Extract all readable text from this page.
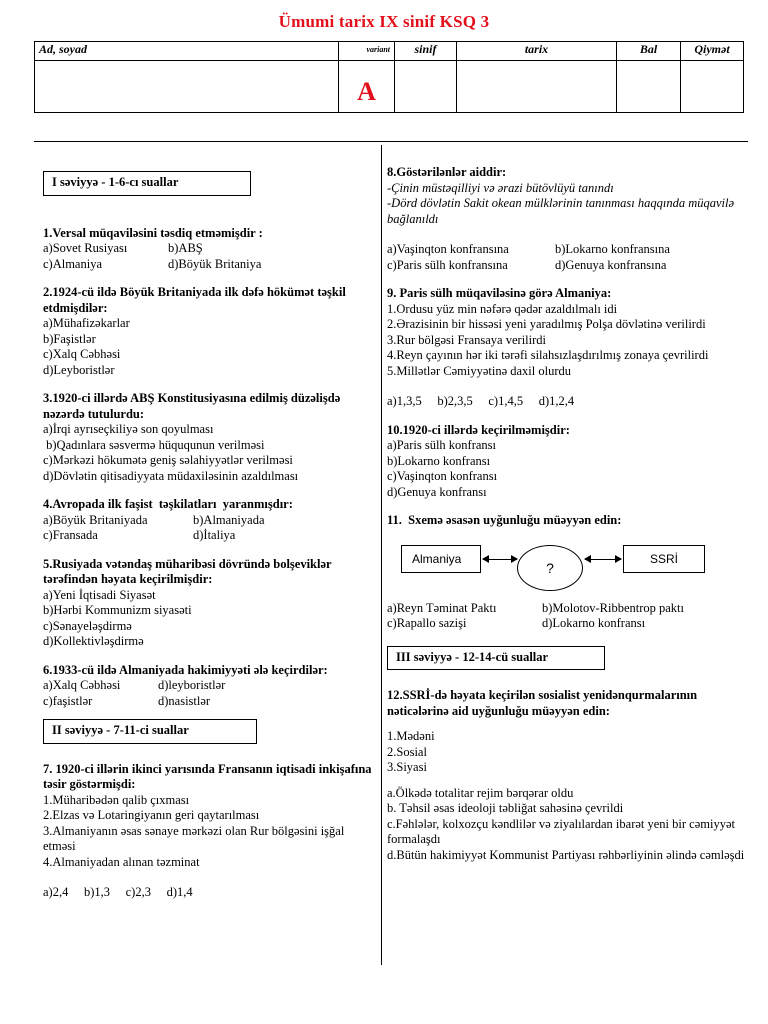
Ümumi tarix IX sinif KSQ 3
Ad, soyad	variant	sinif	tarix	Bal	Qiymət
	A				
I səviyyə - 1-6-cı suallar
1.Versal müqaviləsini təsdiq etməmişdir :
a)Sovet Rusiyası	b)ABŞ
c)Almaniya	d)Böyük Britaniya
2.1924-cü ildə Böyük Britaniyada ilk dəfə hökümət təşkil etdmişdilər:
a)Mühafizəkarlar
b)Faşistlər
c)Xalq Cəbhəsi
d)Leyboristlər
3.1920-ci illərdə ABŞ Konstitusiyasına edilmiş düzəlişdə nəzərdə tutulurdu:
a)İrqi ayrıseçkiliyə son qoyulması
b)Qadınlara səsvermə hüququnun verilməsi
c)Mərkəzi hökumətə geniş səlahiyyətlər verilməsi
d)Dövlətin qitisadiyyata müdaxiləsinin azaldılması
4.Avropada ilk faşist  təşkilatları  yaranmışdır:
a)Böyük Britaniyada	b)Almaniyada
c)Fransada	d)İtaliya
5.Rusiyada vətəndaş müharibəsi dövründə bolşeviklər tərəfindən həyata keçirilmişdir:
a)Yeni İqtisadi Siyasət
b)Hərbi Kommunizm siyasəti
c)Sənayeləşdirmə
d)Kollektivləşdirmə
6.1933-cü ildə Almaniyada hakimiyyəti ələ keçirdilər:
a)Xalq Cəbhəsi	d)leyboristlər
c)faşistlər	d)nasistlər
II səviyyə - 7-11-ci suallar
7. 1920-ci illərin ikinci yarısında Fransanın iqtisadi inkişafına təsir göstərmişdi:
1.Müharibədən qalib çıxması
2.Elzas və Lotaringiyanın geri qaytarılması
3.Almaniyanın əsas sənaye mərkəzi olan Rur bölgəsini işğal etməsi
4.Almaniyadan alınan təzminat
a)2,4     b)1,3     c)2,3     d)1,4
8.Göstərilənlər aiddir:
-Çinin müstəqilliyi və ərazi bütövlüyü tanındı
-Dörd dövlətin Sakit okean mülklərinin tanınması haqqında müqavilə bağlanıldı
a)Vaşinqton konfransına	b)Lokarno konfransına
c)Paris sülh konfransına	d)Genuya konfransına
9. Paris sülh müqaviləsinə görə Almaniya:
1.Ordusu yüz min nəfərə qədər azaldılmalı idi
2.Ərazisinin bir hissəsi yeni yaradılmış Polşa dövlətinə verilirdi
3.Rur bölgəsi Fransaya verilirdi
4.Reyn çayının hər iki tərəfi silahsızlaşdırılmış zonaya çevrilirdi
5.Millətlər Cəmiyyətinə daxil olurdu
a)1,3,5     b)2,3,5     c)1,4,5     d)1,2,4
10.1920-ci illərdə keçirilməmişdir:
a)Paris sülh konfransı
b)Lokarno konfransı
c)Vaşinqton konfransı
d)Genuya konfransı
11.  Sxemə əsasən uyğunluğu müəyyən edin:
Almaniya
?
SSRİ
a)Reyn Təminat Paktı	b)Molotov-Ribbentrop paktı
c)Rapallo sazişi	d)Lokarno konfransı
III səviyyə - 12-14-cü suallar
12.SSRİ-də həyata keçirilən sosialist yenidənqurmalarının nəticələrinə aid uyğunluğu müəyyən edin:
1.Mədəni
2.Sosial
3.Siyasi
a.Ölkədə totalitar rejim bərqərar oldu
b. Təhsil əsas ideoloji təbliğat sahəsinə çevrildi
c.Fəhlələr, kolxozçu kəndlilər və ziyalılardan ibarət yeni bir cəmiyyət formalaşdı
d.Bütün hakimiyyət Kommunist Partiyası rəhbərliyinin əlində cəmləşdi
